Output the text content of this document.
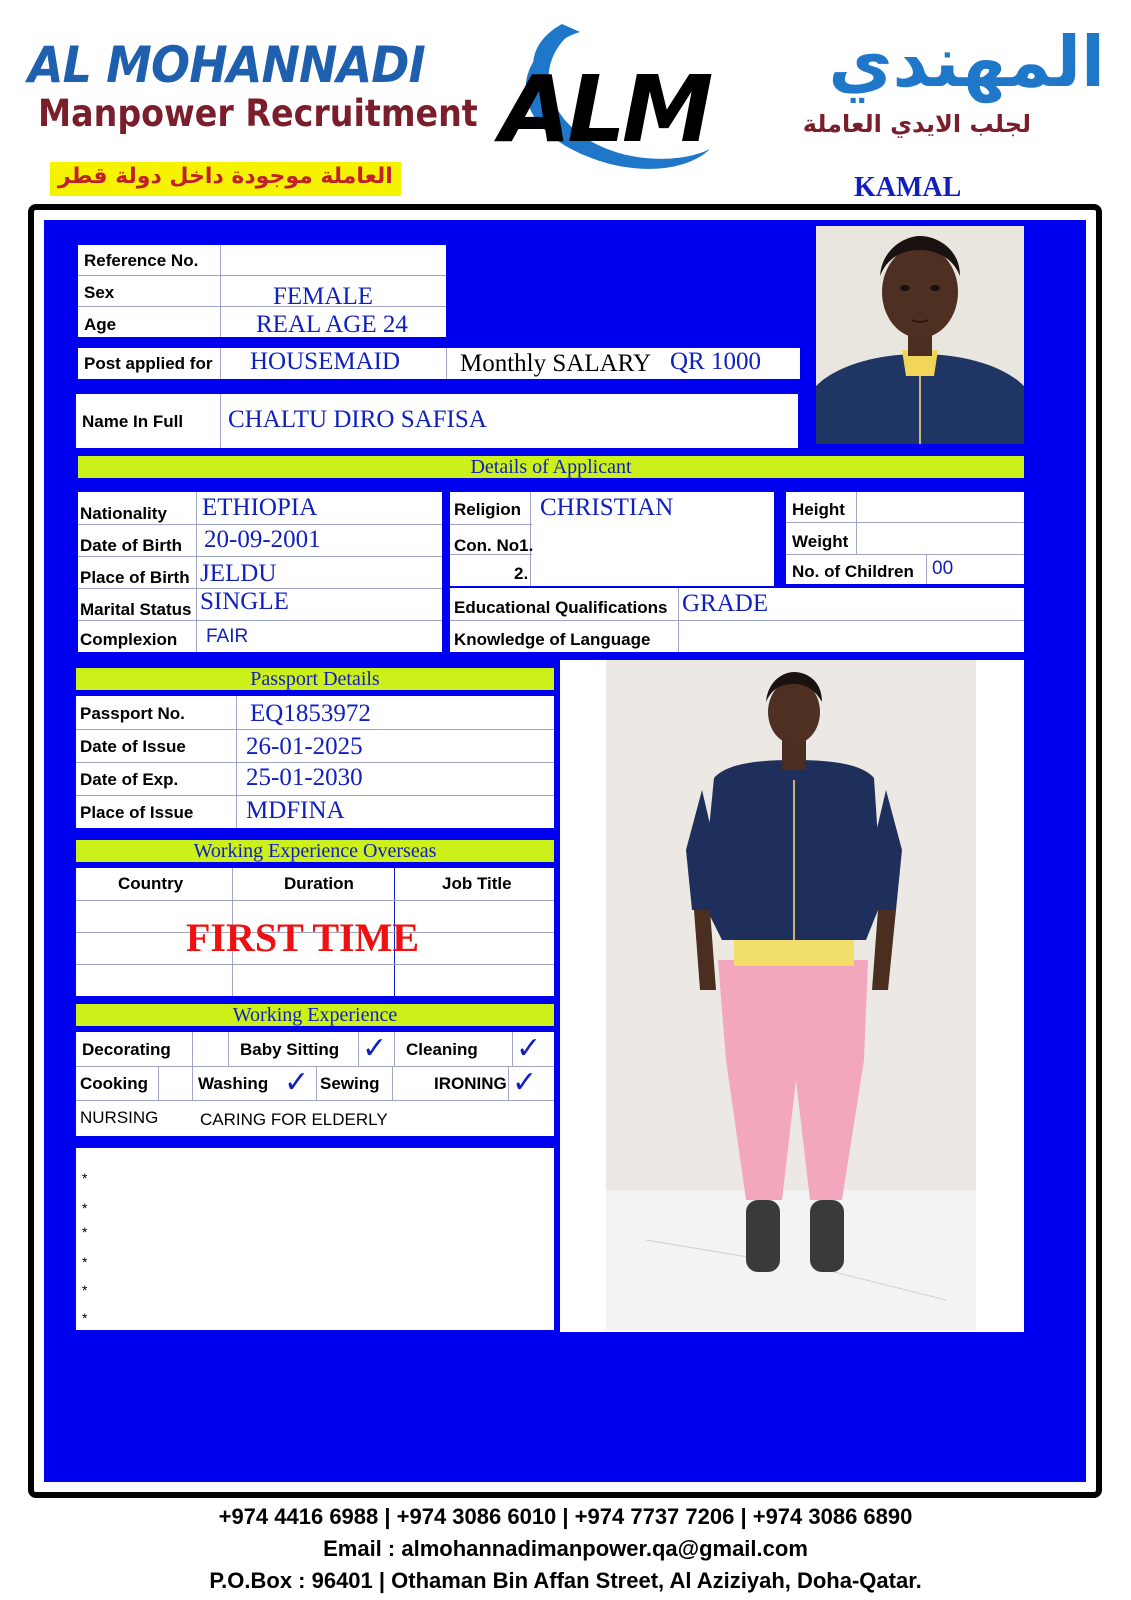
AL MOHANNADI
Manpower Recruitment ALM	المهندي
لجلب الايدي العاملة
العاملة موجودة داخل دولة قطر	KAMAL
Reference No.
Sex	FEMALE
Age	REAL AGE 24
Post applied for HOUSEMAID Monthly SALARY QR 1000
Name In Full CHALTU DIRO SAFISA
Details of Applicant
Nationality ETHIOPIA
Date of Birth 20-09-2001
Place of Birth JELDU
Marital Status SINGLE
Complexion FAIR
Religion CHRISTIAN
Con. No1.
2.
Height
Weight
No. of Children 00
Educational Qualifications GRADE
Knowledge of Language
Passport Details
Passport No.	EQ1853972
Date of Issue 26-01-2025
Date of Exp.	25-01-2030
Place of Issue MDFINA
Working Experience Overseas
Country	Duration	Job Title
FIRST TIME
Working Experience
Decorating	Baby Sitting ✓ Cleaning ✓
Cooking	Washing ✓ Sewing	IRONING ✓
NURSING CARING FOR ELDERLY
*
*
*
*
*
*
+974 4416 6988 | +974 3086 6010 | +974 7737 7206 | +974 3086 6890
Email : almohannadimanpower.qa@gmail.com
P.O.Box : 96401 | Othaman Bin Affan Street, Al Aziziyah, Doha-Qatar.
